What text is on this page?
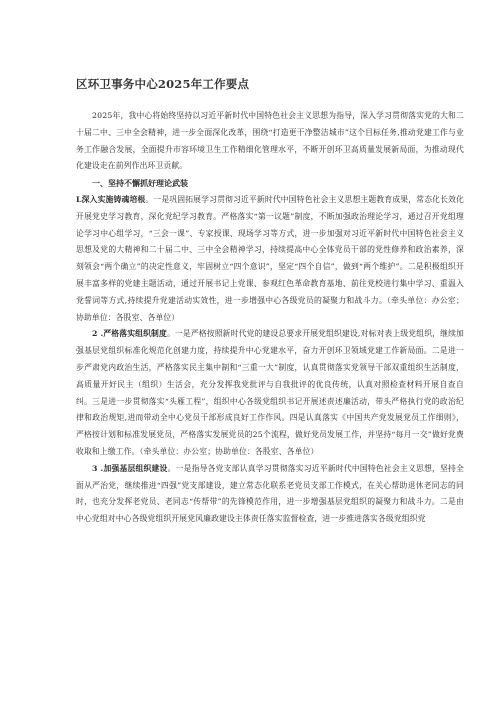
区环卫事务中心2025年工作要点

2025年，我中心将始终坚持以习近平新时代中国特色社会主义思想为指导，深入学习贯彻落实党的大和二十届二中、三中全会精神，进一步全面深化改革，围绕“打造更干净整洁城市”这个目标任务,推动党建工作与业务工作融合发展，全面提升市容环境卫生工作精细化管理水平，不断开创环卫高质量发展新局面，为推动现代化建设走在前列作出环卫贡献。

一、坚持不懈抓好理论武装

L深入实施铸魂培根。一是巩固拓展学习贯彻习近平新时代中国特色社会主义思想主题教育成果，常态化长效化开展党史学习教育，深化党纪学习教育。严格落实“第一议题”制度，不断加强政治理论学习，通过召开党组理论学习中心组学习，“三会一课”、专家授课、现场学习等方式，进一步加强对习近平新时代中国特色社会主义思想及党的大精神和二十届二中、三中全会精神学习，持续提高中心全体党员干部的党性修养和政治素养，深刻领会“两个确立”的决定性意义，牢固树立“四个意识”，坚定“四个自信”，做到“两个维护”。二是积极组织开展丰富多样的党建主题活动，通过开展书记上党课、参观红色革命教育基地、前往党校进行集中学习、重温入党誓词等方式,持续提升党建活动实效性，进一步增强中心各级党员的凝聚力和战斗力。（牵头单位：办公室；协助单位：各股室、各单位）

2 .严格落实组织制度。一是严格按照新时代党的建设总要求开展党组织建设,对标对表上级党组织，继续加强基层党组织标准化规范化创建力度，持续提升中心党建水平，奋力开创环卫领域党建工作新局面。二是进一步严肃党内政治生活，严格落实民主集中制和“三重一大”制度，认真贯彻落实党领导干部双重组织生活制度，高质量开好民主（组织）生活会，充分发挥我党批评与自我批评的优良传统，认真对照检查材料开展自查自纠。三是进一步贯彻落实“头雁工程”，组织中心各级党组织书记开展述责述廉活动，带头严格执行党的政治纪律和政治规矩,进而带动全中心党员干部形成良好工作作风。四是认真落实《中国共产党发展党员工作细则》，严格按计划和标准发展党员，严格落实发展党员的25个流程，做好党员发展工作，并坚持“每月一交”做好党费收取和上缴工作。（牵头单位：办公室；协助单位：各股室、各单位）

3 .加强基层组织建设。一是指导各党支部认真学习贯彻落实习近平新时代中国特色社会主义思想，坚持全面从严治党，继续推进“四强”党支部建设，建立常态化联系老党员支部工作模式，在关心帮助退休老同志的同时，也充分发挥老党员、老同志“传帮带”的先锋模范作用，进一步增强基层党组织的凝聚力和战斗力。二是由中心党组对中心各级党组织开展党风廉政建设主体责任落实监督检查，进一步推进落实各级党组织党
